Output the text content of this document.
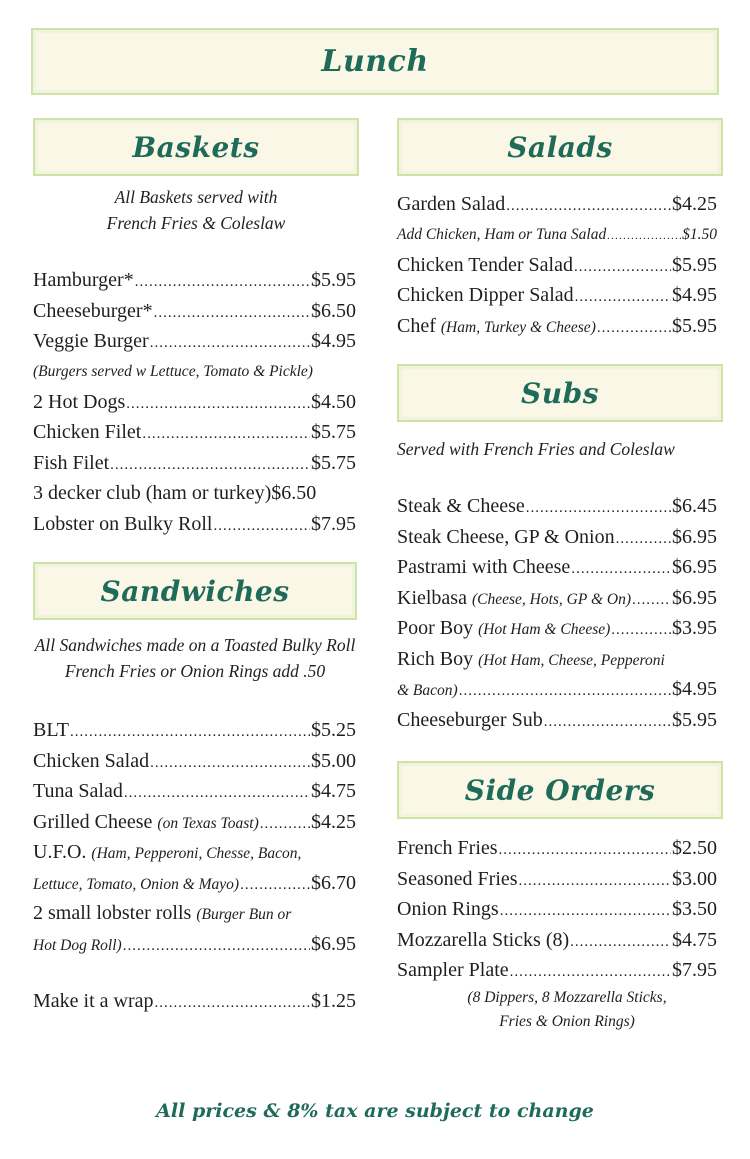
Lunch
Baskets
All Baskets served with
French Fries & Coleslaw
Hamburger* .....	$5.95
Cheeseburger* .....	$6.50
Veggie Burger .....	$4.95
(Burgers served w Lettuce, Tomato & Pickle)
2 Hot Dogs .....	$4.50
Chicken Filet .....	$5.75
Fish Filet .....	$5.75
3 decker club (ham or turkey) $6.50
Lobster on Bulky Roll .....	$7.95
Sandwiches
All Sandwiches made on a Toasted Bulky Roll
French Fries or Onion Rings add .50
BLT .....	$5.25
Chicken Salad .....	$5.00
Tuna Salad .....	$4.75
Grilled Cheese (on Texas Toast) .....	$4.25
U.F.O. (Ham, Pepperoni, Chesse, Bacon,
Lettuce, Tomato, Onion & Mayo) .....	$6.70
2 small lobster rolls (Burger Bun or
Hot Dog Roll) .....	$6.95
Make it a wrap .....	$1.25
Salads
Garden Salad .....	$4.25
Add Chicken, Ham or Tuna Salad .....	$1.50
Chicken Tender Salad .....	$5.95
Chicken Dipper Salad .....	$4.95
Chef (Ham, Turkey & Cheese) .....	$5.95
Subs
Served with French Fries and Coleslaw
Steak & Cheese .....	$6.45
Steak Cheese, GP & Onion .....	$6.95
Pastrami with Cheese .....	$6.95
Kielbasa (Cheese, Hots, GP & On) ..... $6.95
Poor Boy (Hot Ham & Cheese) .....	$3.95
Rich Boy (Hot Ham, Cheese, Pepperoni
& Bacon) .....	$4.95
Cheeseburger Sub .....	$5.95
Side Orders
French Fries .....	$2.50
Seasoned Fries .....	$3.00
Onion Rings .....	$3.50
Mozzarella Sticks (8) .....	$4.75
Sampler Plate .....	$7.95
(8 Dippers, 8 Mozzarella Sticks,
Fries & Onion Rings)
All prices & 8% tax are subject to change
